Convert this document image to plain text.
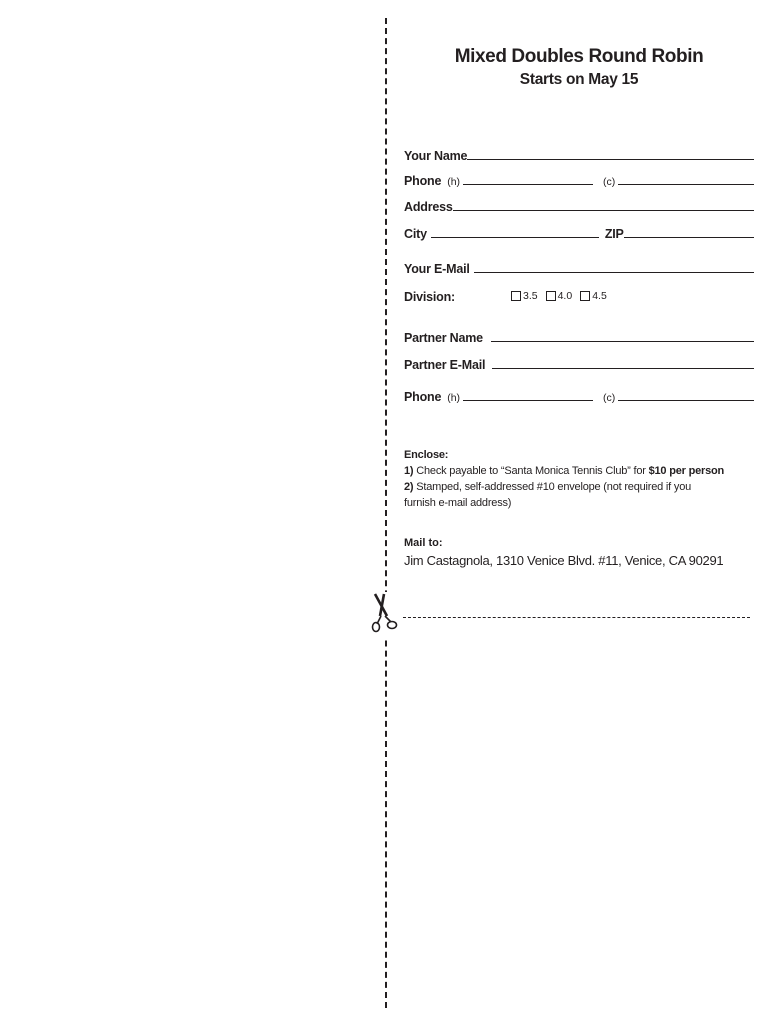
Mixed Doubles Round Robin
Starts on May 15
Your Name
Phone (h)	(c)
Address
City	ZIP
Your E-Mail
Division:	3.5 4.0 4.5
Partner Name
Partner E-Mail
Phone (h)	(c)
Enclose:
1) Check payable to “Santa Monica Tennis Club” for $10 per person
2) Stamped, self-addressed #10 envelope (not required if you furnish e-mail address)
Mail to:
Jim Castagnola, 1310 Venice Blvd. #11, Venice, CA 90291
